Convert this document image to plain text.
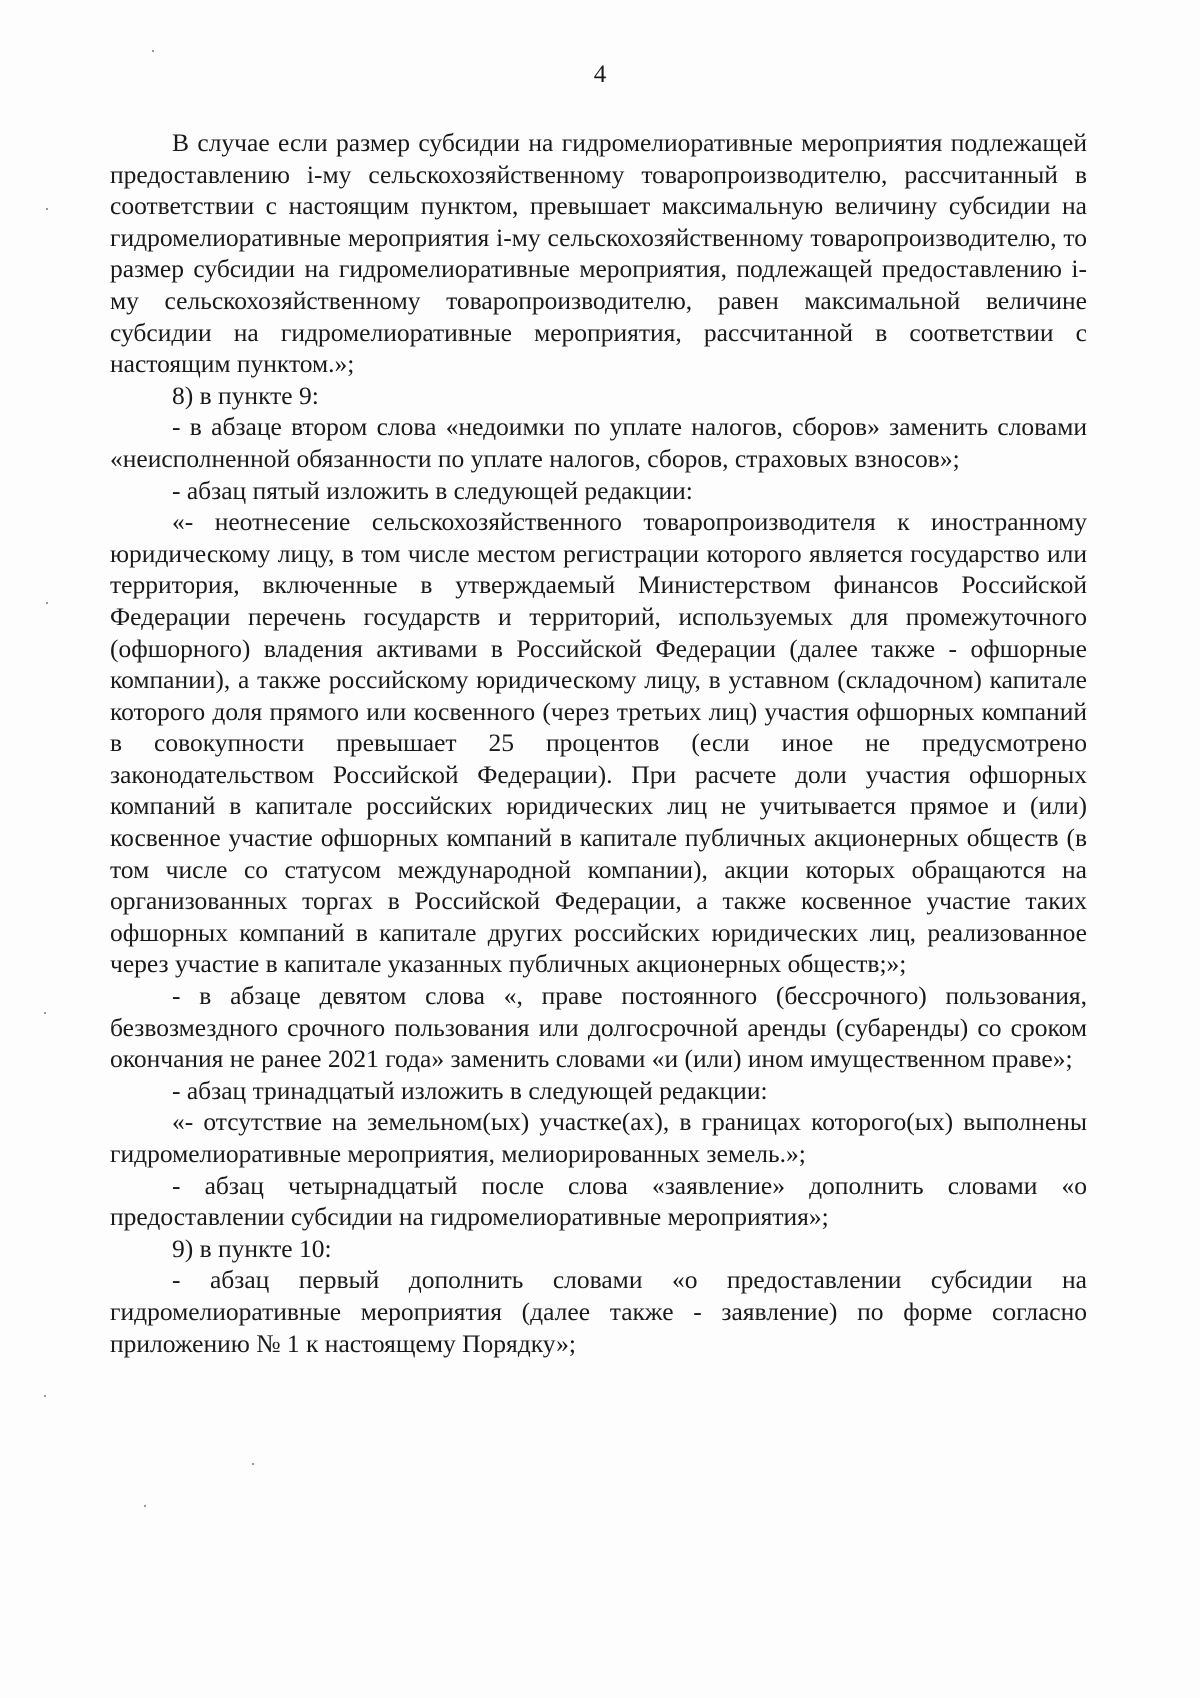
4

В случае если размер субсидии на гидромелиоративные мероприятия подлежащей предоставлению i-му сельскохозяйственному товаропроизводителю, рассчитанный в соответствии с настоящим пунктом, превышает максимальную величину субсидии на гидромелиоративные мероприятия i-му сельскохозяйственному товаропроизводителю, то размер субсидии на гидромелиоративные мероприятия, подлежащей предоставлению i-му сельскохозяйственному товаропроизводителю, равен максимальной величине субсидии на гидромелиоративные мероприятия, рассчитанной в соответствии с настоящим пунктом.»;

8) в пункте 9:

- в абзаце втором слова «недоимки по уплате налогов, сборов» заменить словами «неисполненной обязанности по уплате налогов, сборов, страховых взносов»;

- абзац пятый изложить в следующей редакции:

«- неотнесение сельскохозяйственного товаропроизводителя к иностранному юридическому лицу, в том числе местом регистрации которого является государство или территория, включенные в утверждаемый Министерством финансов Российской Федерации перечень государств и территорий, используемых для промежуточного (офшорного) владения активами в Российской Федерации (далее также - офшорные компании), а также российскому юридическому лицу, в уставном (складочном) капитале которого доля прямого или косвенного (через третьих лиц) участия офшорных компаний в совокупности превышает 25 процентов (если иное не предусмотрено законодательством Российской Федерации). При расчете доли участия офшорных компаний в капитале российских юридических лиц не учитывается прямое и (или) косвенное участие офшорных компаний в капитале публичных акционерных обществ (в том числе со статусом международной компании), акции которых обращаются на организованных торгах в Российской Федерации, а также косвенное участие таких офшорных компаний в капитале других российских юридических лиц, реализованное через участие в капитале указанных публичных акционерных обществ;»;

- в абзаце девятом слова «, праве постоянного (бессрочного) пользования, безвозмездного срочного пользования или долгосрочной аренды (субаренды) со сроком окончания не ранее 2021 года» заменить словами «и (или) ином имущественном праве»;

- абзац тринадцатый изложить в следующей редакции:

«- отсутствие на земельном(ых) участке(ах), в границах которого(ых) выполнены гидромелиоративные мероприятия, мелиорированных земель.»;

- абзац четырнадцатый после слова «заявление» дополнить словами «о предоставлении субсидии на гидромелиоративные мероприятия»;

9) в пункте 10:

- абзац первый дополнить словами «о предоставлении субсидии на гидромелиоративные мероприятия (далее также - заявление) по форме согласно приложению № 1 к настоящему Порядку»;
